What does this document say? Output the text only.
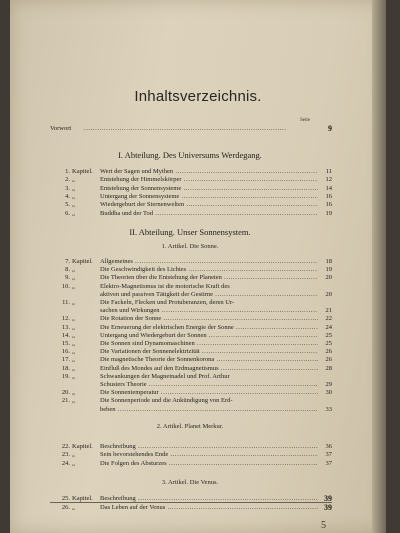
Inhaltsverzeichnis.
Seite
Vorwort .....	9
I. Abteilung. Des Universums Werdegang.
II. Abteilung. Unser Sonnensystem.
1. Artikel. Die Sonne.
2. Artikel. Planet Merkur.
3. Artikel. Die Venus.
1. Kapitel. Wert der Sagen und Mythen .....	11
2. „	Entstehung der Himmelskörper .....	12
3. „	Entstehung der Sonnensysteme .....	14
4. „	Untergang der Sonnensysteme .....	16
5. „	Wiedergeburt der Sternenwelten .....	16
6. „	Buddha und der Tod .....	19
7. Kapitel. Allgemeines .....	18
8. „	Die Geschwindigkeit des Lichtes .....	19
9. „	Die Theorien über die Entstehung der Planeten .....	20
10. „	Elektro-Magnetismus ist die motorische Kraft des
aktiven und passiven Tätigkeit der Gestirne .....	20
11. „	Die Fackeln, Flecken und Protuberanzen, deren Ur-
sachen und Wirkungen .....	21
12. „	Die Rotation der Sonne .....	22
13. „	Die Erneuerung der elektrischen Energie der Sonne .....	24
14. „	Untergang und Wiedergeburt der Sonnen .....	25
15. „	Die Sonnen sind Dynamomaschinen .....	25
16. „	Die Variationen der Sonnenelektrizität .....	26
17. „	Die magnetische Theorie der Sonnenkorona .....	26
18. „	Einfluß des Mondes auf den Erdmagnetismus .....	28
19. „	Schwankungen der Magnetnadel und Prof. Arthur
Schusters Theorie .....	29
20. „	Die Sonnentemperatur .....	30
21. „	Die Sonnenperiode und die Ankündigung von Erd-
beben .....	33
22. Kapitel. Beschreibung .....	36
23. „	Sein bevorstehendes Ende .....	37
24. „	Die Folgen des Absturzes .....	37
25. Kapitel. Beschreibung .....	39
26. „	Das Leben auf der Venus .....	39
5
